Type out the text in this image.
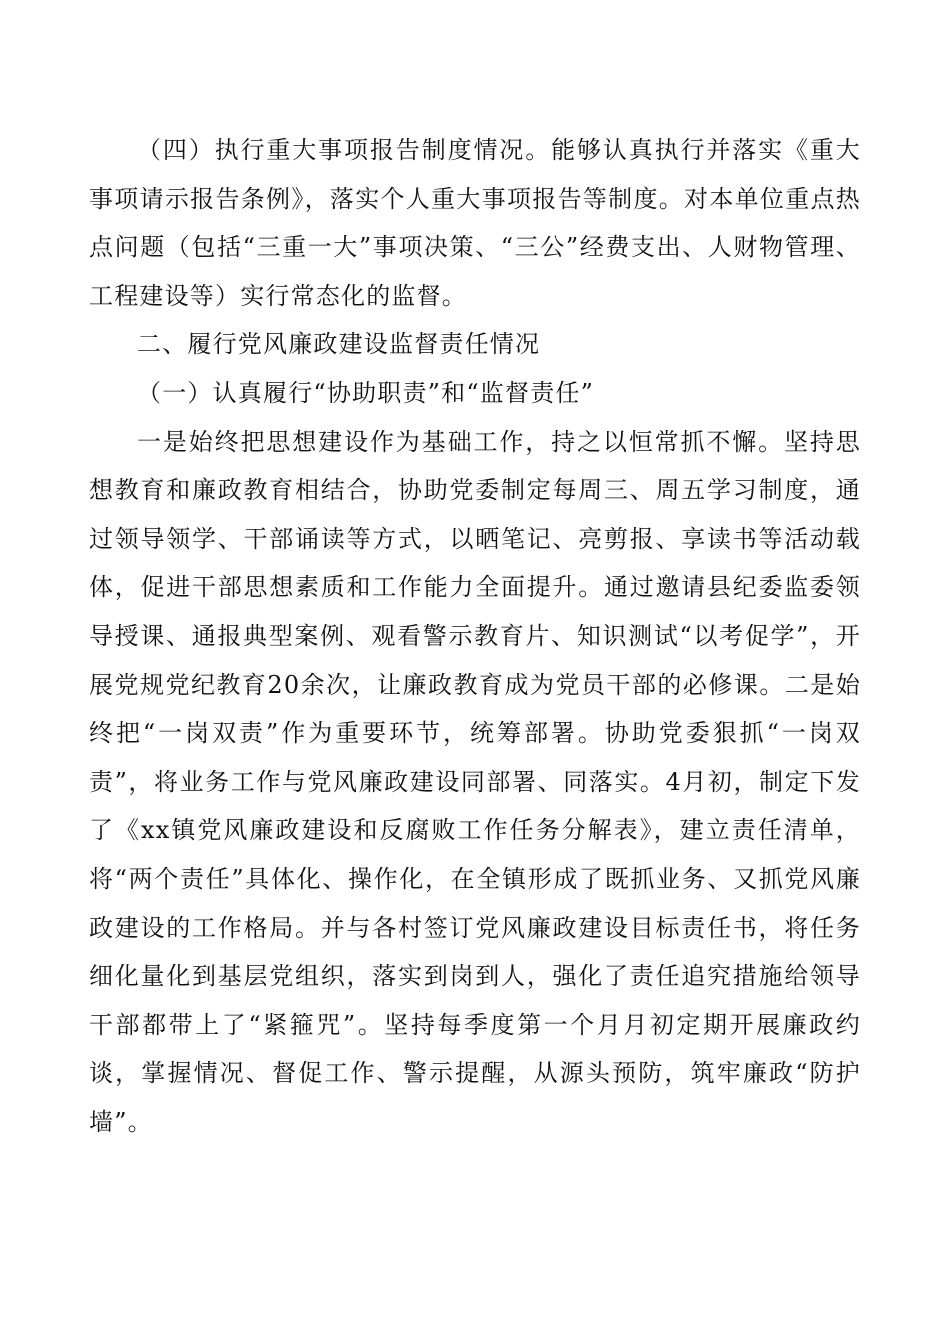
（四）执行重大事项报告制度情况。能够认真执行并落实《重大事项请示报告条例》，落实个人重大事项报告等制度。对本单位重点热点问题（包括“三重一大”事项决策、“三公”经费支出、人财物管理、工程建设等）实行常态化的监督。

二、履行党风廉政建设监督责任情况

（一）认真履行“协助职责”和“监督责任”

一是始终把思想建设作为基础工作，持之以恒常抓不懈。坚持思想教育和廉政教育相结合，协助党委制定每周三、周五学习制度，通过领导领学、干部诵读等方式，以晒笔记、亮剪报、享读书等活动载体，促进干部思想素质和工作能力全面提升。通过邀请县纪委监委领导授课、通报典型案例、观看警示教育片、知识测试“以考促学”，开展党规党纪教育20余次，让廉政教育成为党员干部的必修课。二是始终把“一岗双责”作为重要环节，统筹部署。协助党委狠抓“一岗双责”，将业务工作与党风廉政建设同部署、同落实。4月初，制定下发了《xx镇党风廉政建设和反腐败工作任务分解表》，建立责任清单，将“两个责任”具体化、操作化，在全镇形成了既抓业务、又抓党风廉政建设的工作格局。并与各村签订党风廉政建设目标责任书，将任务细化量化到基层党组织，落实到岗到人，强化了责任追究措施给领导干部都带上了“紧箍咒”。坚持每季度第一个月月初定期开展廉政约谈，掌握情况、督促工作、警示提醒，从源头预防，筑牢廉政“防护墙”。
